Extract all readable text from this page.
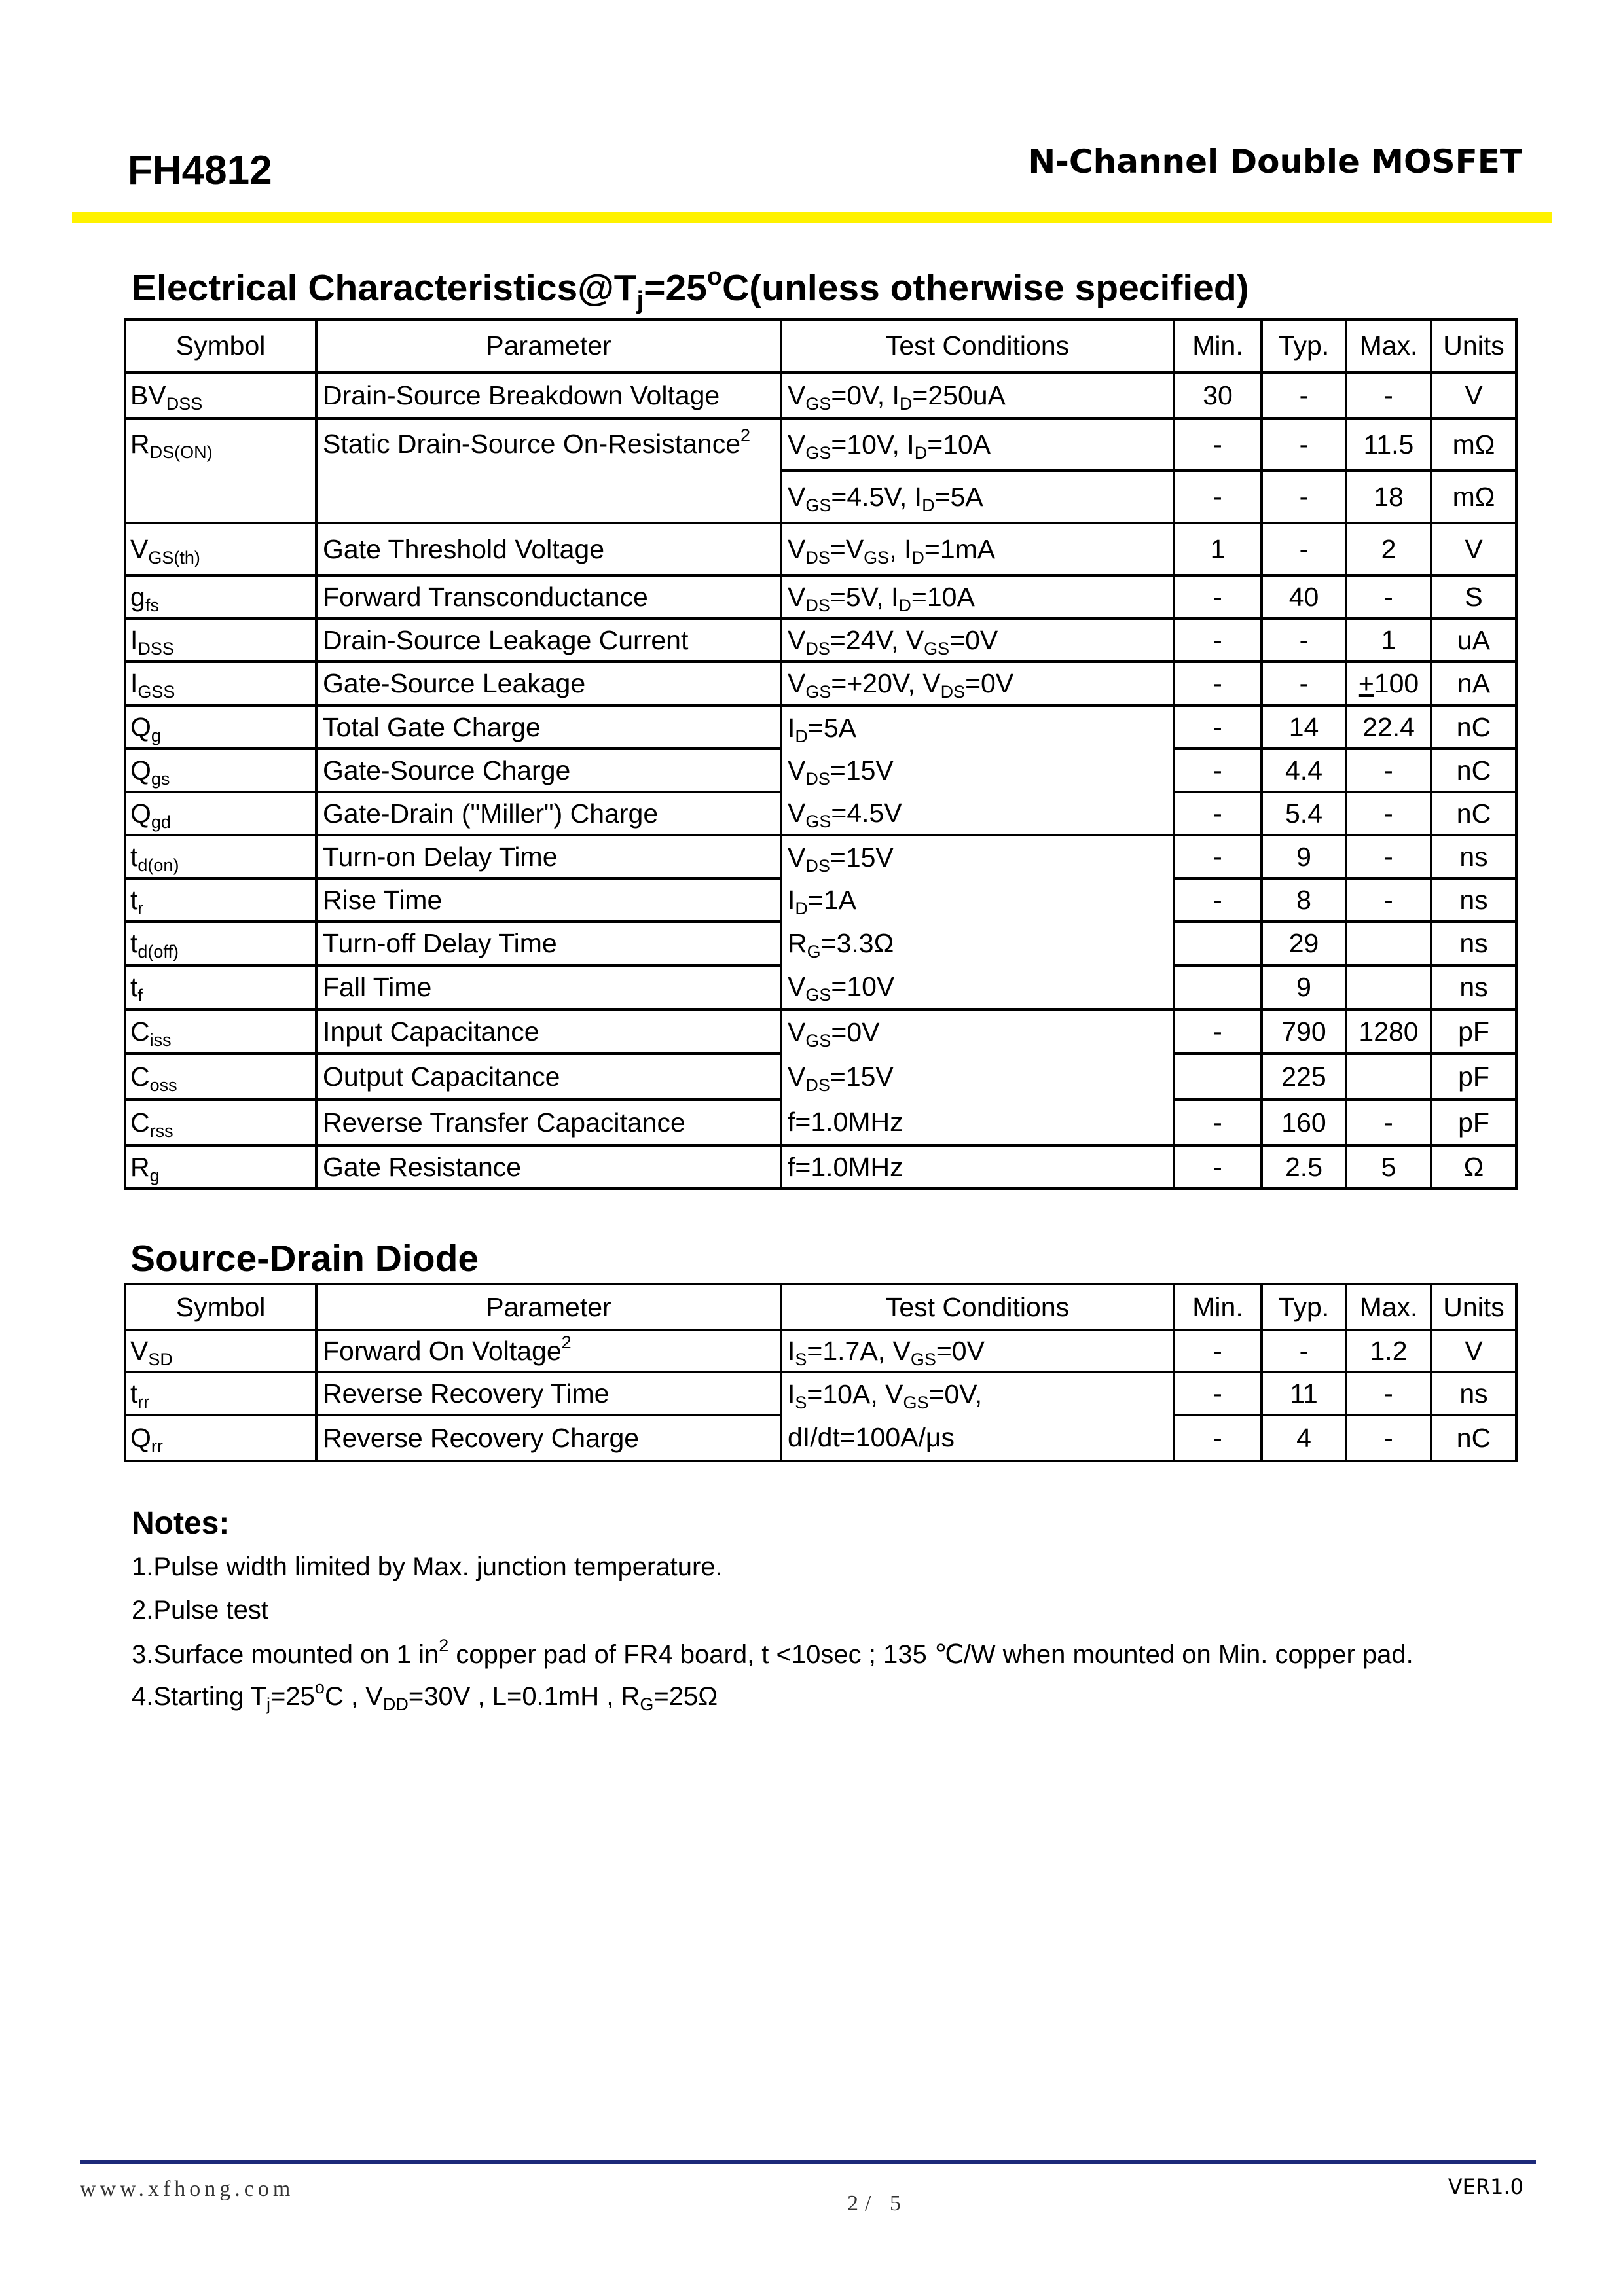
FH4812	N-Channel Double MOSFET
Electrical $Characteristics@T_j=25^oC(unless$ otherwise specified)
Symbol	Parameter	Test Conditions	Min.	Typ.	Max.	Units
$BV_{DSS}$	Drain-Source Breakdown Voltage	$V_{GS}=0V$, $I_D=250uA$	30	-	-	V
$R_{DS(ON)}$	Static Drain-Source On-Resistance$^2$	$V_{GS}=10V$, $I_D=10A$	-	-	11.5	mΩ
		$V_{GS}=4.5V$, $I_D=5A$	-	-	18	mΩ
$V_{GS(th)}$	Gate Threshold Voltage	$V_{DS}=V_{GS}$, $I_D=1mA$	1	-	2	V
$g_{fs}$	Forward Transconductance	$V_{DS}=5V$, $I_D=10A$	-	40	-	S
$I_{DSS}$	Drain-Source Leakage Current	$V_{DS}=24V$, $V_{GS}=0V$	-	-	1	uA
$I_{GSS}$	Gate-Source Leakage	$V_{GS}=+20V$, $V_{DS}=0V$	-	-	+100	nA
$Q_g$	Total Gate Charge	$I_D=5A$	-	14	22.4	nC
$Q_{gs}$	Gate-Source Charge	$V_{DS}=15V$	-	4.4	-	nC
$Q_{gd}$	Gate-Drain ("Miller") Charge	$V_{GS}=4.5V$	-	5.4	-	nC
$t_{d(on)}$	Turn-on Delay Time	$V_{DS}=15V$	-	9	-	ns
$t_r$	Rise Time	$I_D=1A$	-	8	-	ns
$t_{d(off)}$	Turn-off Delay Time	$R_G=3.3\Omega$		29		ns
$t_f$	Fall Time	$V_{GS}=10V$		9		ns
$C_{iss}$	Input Capacitance	$V_{GS}=0V$	-	790	1280	pF
$C_{oss}$	Output Capacitance	$V_{DS}=15V$		225		pF
$C_{rss}$	Reverse Transfer Capacitance	f=1.0MHz	-	160	-	pF
$R_g$	Gate Resistance	f=1.0MHz	-	2.5	5	Ω
Source-Drain Diode
Symbol	Parameter	Test Conditions	Min.	Typ.	Max.	Units
$V_{SD}$	Forward On Voltage$^2$	$I_S=1.7A$, $V_{GS}=0V$	-	-	1.2	V
$t_{rr}$	Reverse Recovery Time	$I_S=10A$, $V_{GS}=0V$,	-	11	-	ns
$Q_{rr}$	Reverse Recovery Charge	dI/dt=100A/μs	-	4	-	nC
Notes:
1.Pulse width limited by Max. junction temperature.
2.Pulse test
3.Surface mounted on 1 $in^2$ copper pad of FR4 board, t <10sec ; 135 ℃/W when mounted on Min. copper pad.
4.Starting $T_j=25^oC$ , $V_{DD}=30V$ , L=0.1mH , $R_G=25\Omega$
www.xfhong.com
2/ 5
VER1.0
